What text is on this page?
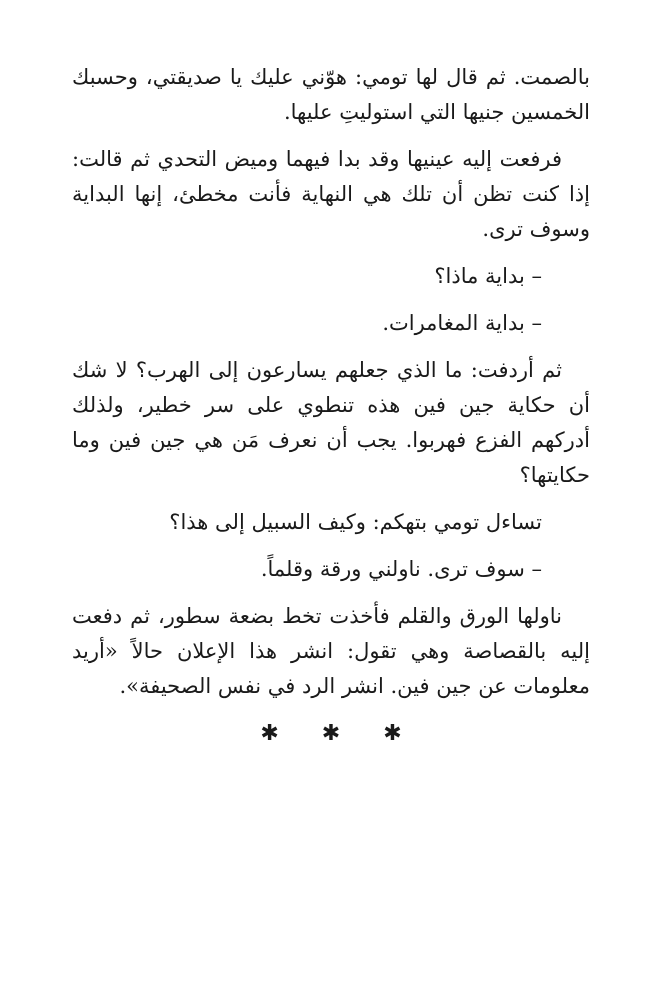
بالصمت. ثم قال لها تومي: هوّني عليك يا صديقتي، وحسبك الخمسين جنيها التي استوليتِ عليها.

فرفعت إليه عينيها وقد بدا فيهما وميض التحدي ثم قالت: إذا كنت تظن أن تلك هي النهاية فأنت مخطئ، إنها البداية وسوف ترى.

– بداية ماذا؟

– بداية المغامرات.

ثم أردفت: ما الذي جعلهم يسارعون إلى الهرب؟ لا شك أن حكاية جين فين هذه تنطوي على سر خطير، ولذلك أدركهم الفزع فهربوا. يجب أن نعرف مَن هي جين فين وما حكايتها؟

تساءل تومي بتهكم: وكيف السبيل إلى هذا؟

– سوف ترى. ناولني ورقة وقلماً.

ناولها الورق والقلم فأخذت تخط بضعة سطور، ثم دفعت إليه بالقصاصة وهي تقول: انشر هذا الإعلان حالاً «أريد معلومات عن جين فين. انشر الرد في نفس الصحيفة».

✱ ✱ ✱
